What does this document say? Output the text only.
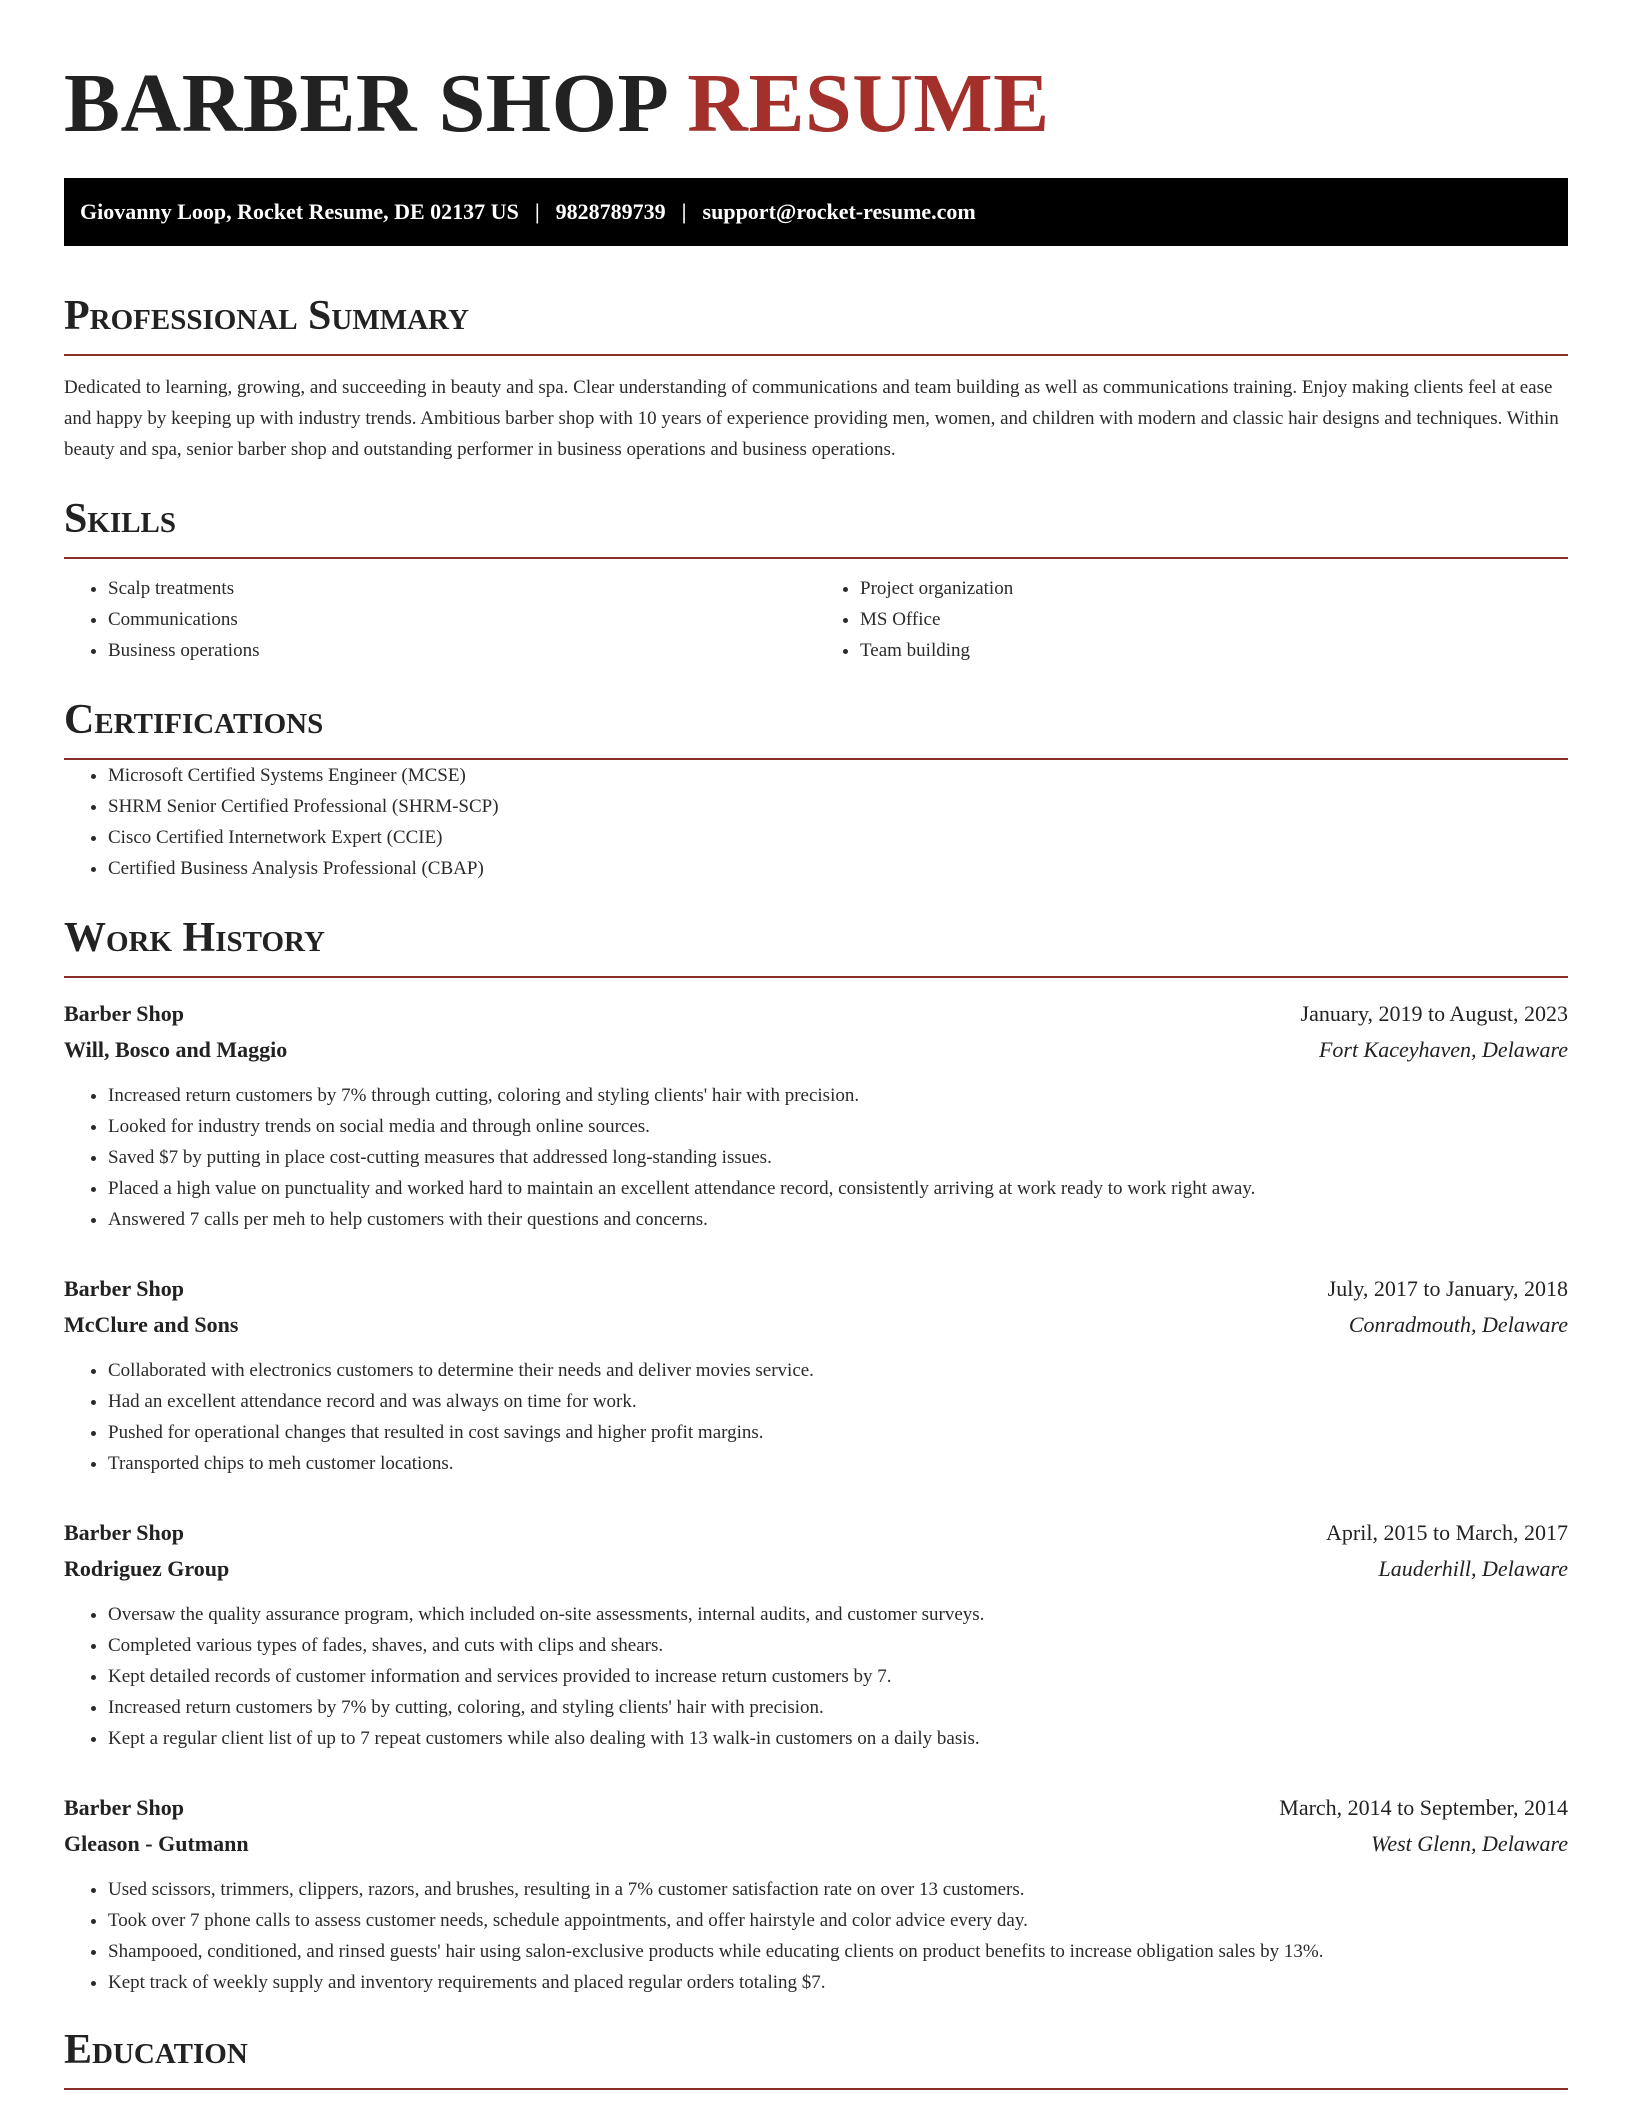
BARBER SHOP RESUME
Giovanny Loop, Rocket Resume, DE 02137 US | 9828789739 | support@rocket-resume.com
Professional Summary

Dedicated to learning, growing, and succeeding in beauty and spa. Clear understanding of communications and team building as well as communications training. Enjoy making clients feel at ease and happy by keeping up with industry trends. Ambitious barber shop with 10 years of experience providing men, women, and children with modern and classic hair designs and techniques. Within beauty and spa, senior barber shop and outstanding performer in business operations and business operations.

Skills
• Scalp treatments
• Communications
• Business operations
• Project organization
• MS Office
• Team building
Certifications
• Microsoft Certified Systems Engineer (MCSE)
• SHRM Senior Certified Professional (SHRM-SCP)
• Cisco Certified Internetwork Expert (CCIE)
• Certified Business Analysis Professional (CBAP)
Work History
Barber Shop	January, 2019 to August, 2023
Will, Bosco and Maggio	Fort Kaceyhaven, Delaware
• Increased return customers by 7% through cutting, coloring and styling clients' hair with precision.
• Looked for industry trends on social media and through online sources.
• Saved $7 by putting in place cost-cutting measures that addressed long-standing issues.
• Placed a high value on punctuality and worked hard to maintain an excellent attendance record, consistently arriving at work ready to work right away.
• Answered 7 calls per meh to help customers with their questions and concerns.
Barber Shop	July, 2017 to January, 2018
McClure and Sons	Conradmouth, Delaware
• Collaborated with electronics customers to determine their needs and deliver movies service.
• Had an excellent attendance record and was always on time for work.
• Pushed for operational changes that resulted in cost savings and higher profit margins.
• Transported chips to meh customer locations.
Barber Shop	April, 2015 to March, 2017
Rodriguez Group	Lauderhill, Delaware
• Oversaw the quality assurance program, which included on-site assessments, internal audits, and customer surveys.
• Completed various types of fades, shaves, and cuts with clips and shears.
• Kept detailed records of customer information and services provided to increase return customers by 7.
• Increased return customers by 7% by cutting, coloring, and styling clients' hair with precision.
• Kept a regular client list of up to 7 repeat customers while also dealing with 13 walk-in customers on a daily basis.
Barber Shop	March, 2014 to September, 2014
Gleason - Gutmann	West Glenn, Delaware
• Used scissors, trimmers, clippers, razors, and brushes, resulting in a 7% customer satisfaction rate on over 13 customers.
• Took over 7 phone calls to assess customer needs, schedule appointments, and offer hairstyle and color advice every day.
• Shampooed, conditioned, and rinsed guests' hair using salon-exclusive products while educating clients on product benefits to increase obligation sales by 13%.
• Kept track of weekly supply and inventory requirements and placed regular orders totaling $7.
Education
